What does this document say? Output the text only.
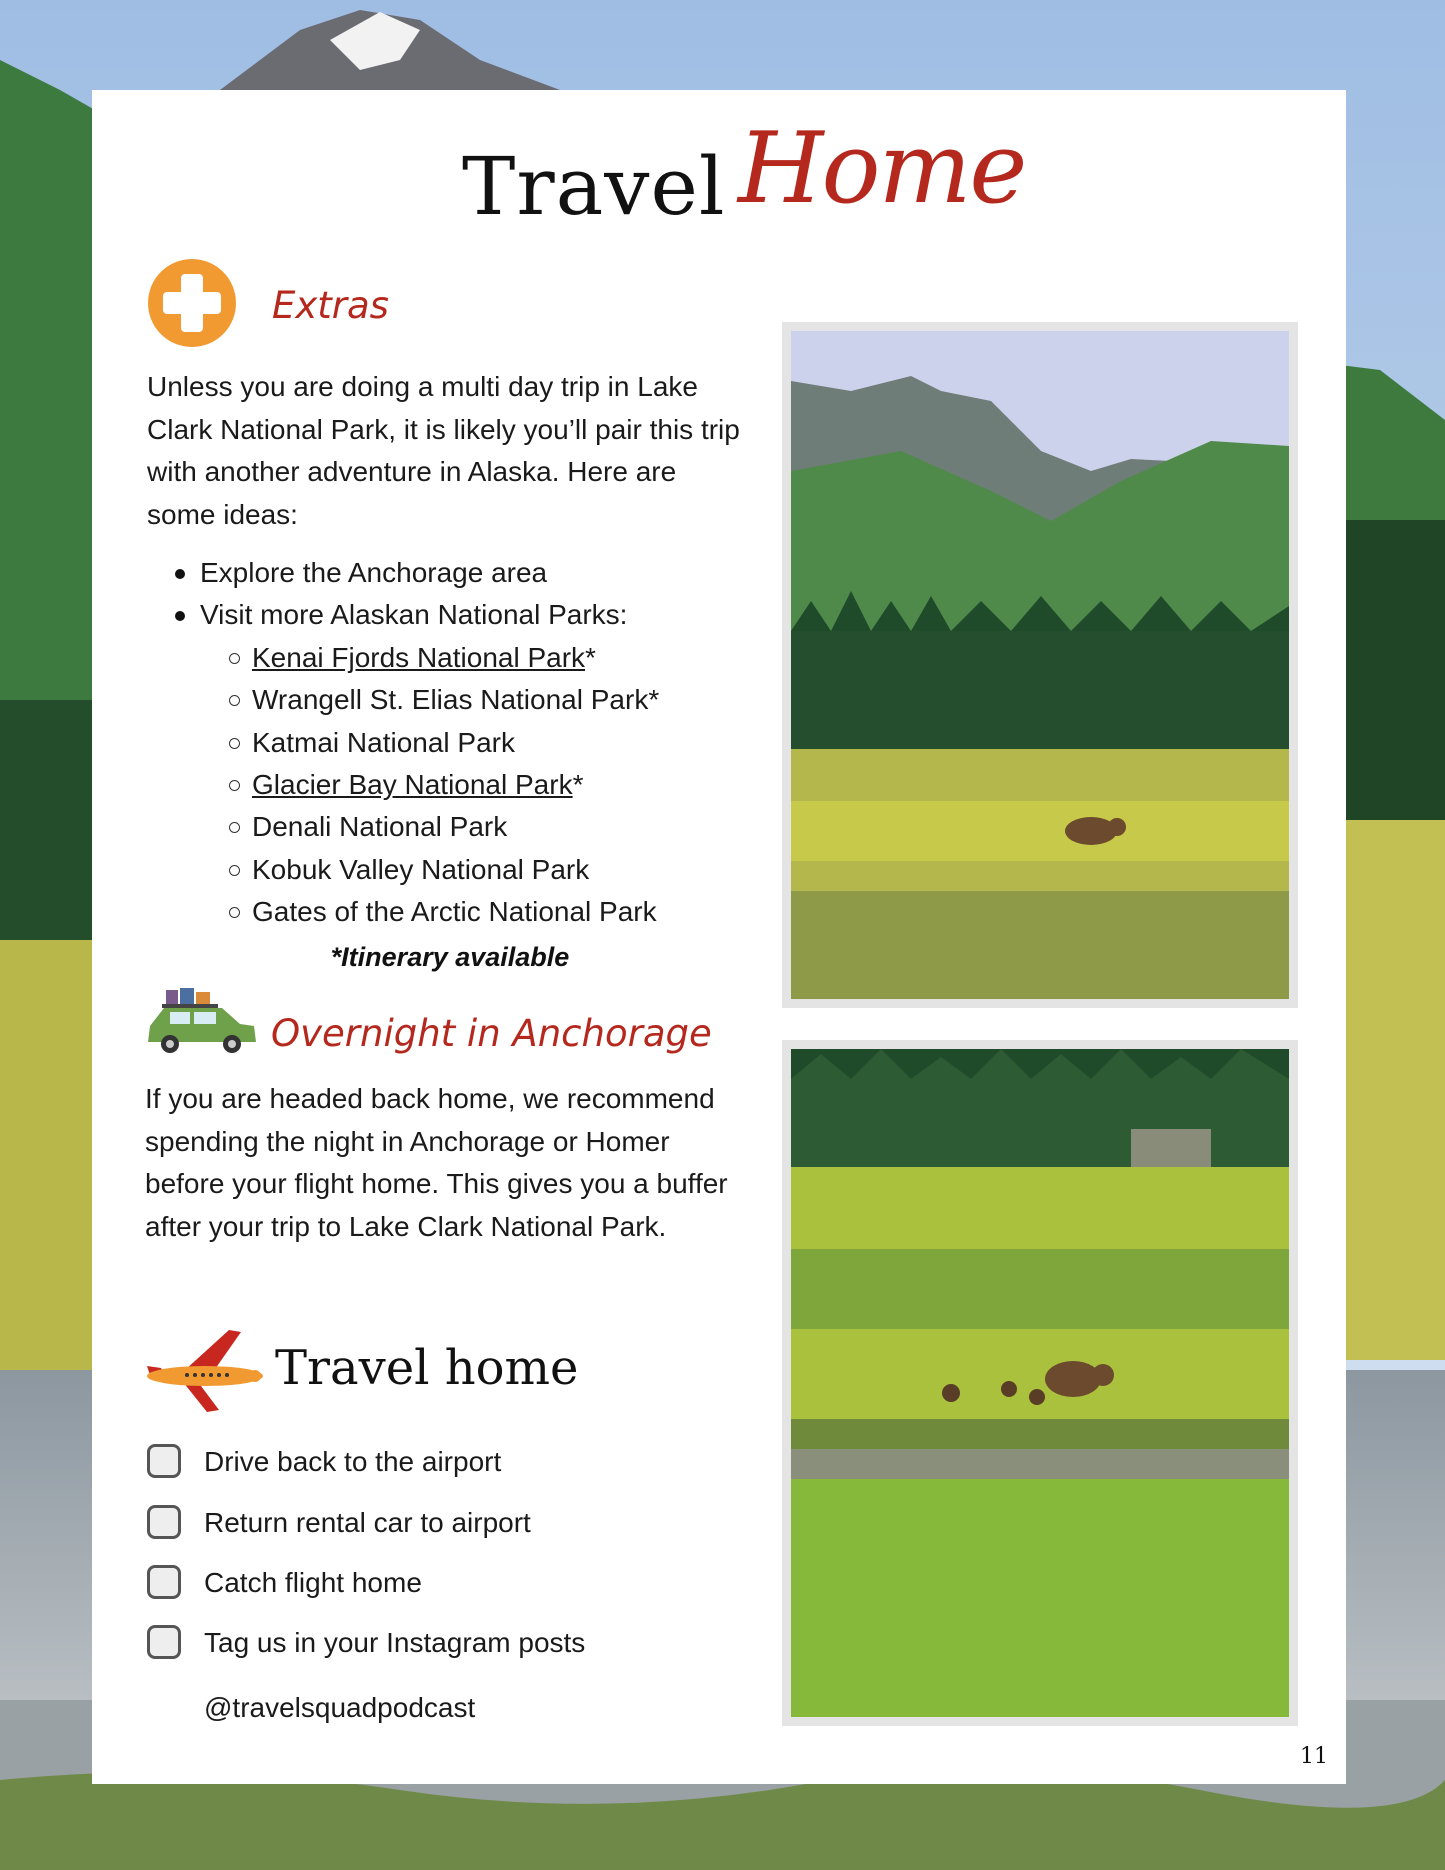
Travel Home
Extras

Unless you are doing a multi day trip in Lake Clark National Park, it is likely you’ll pair this trip with another adventure in Alaska. Here are some ideas:

Explore the Anchorage area
Visit more Alaskan National Parks:
Kenai Fjords National Park*
Wrangell St. Elias National Park*
Katmai National Park
Glacier Bay National Park*
Denali National Park
Kobuk Valley National Park
Gates of the Arctic National Park
*Itinerary available
Overnight in Anchorage

If you are headed back home, we recommend spending the night in Anchorage or Homer before your flight home. This gives you a buffer after your trip to Lake Clark National Park.

Travel home
Drive back to the airport
Return rental car to airport
Catch flight home
Tag us in your Instagram posts
@travelsquadpodcast
11
